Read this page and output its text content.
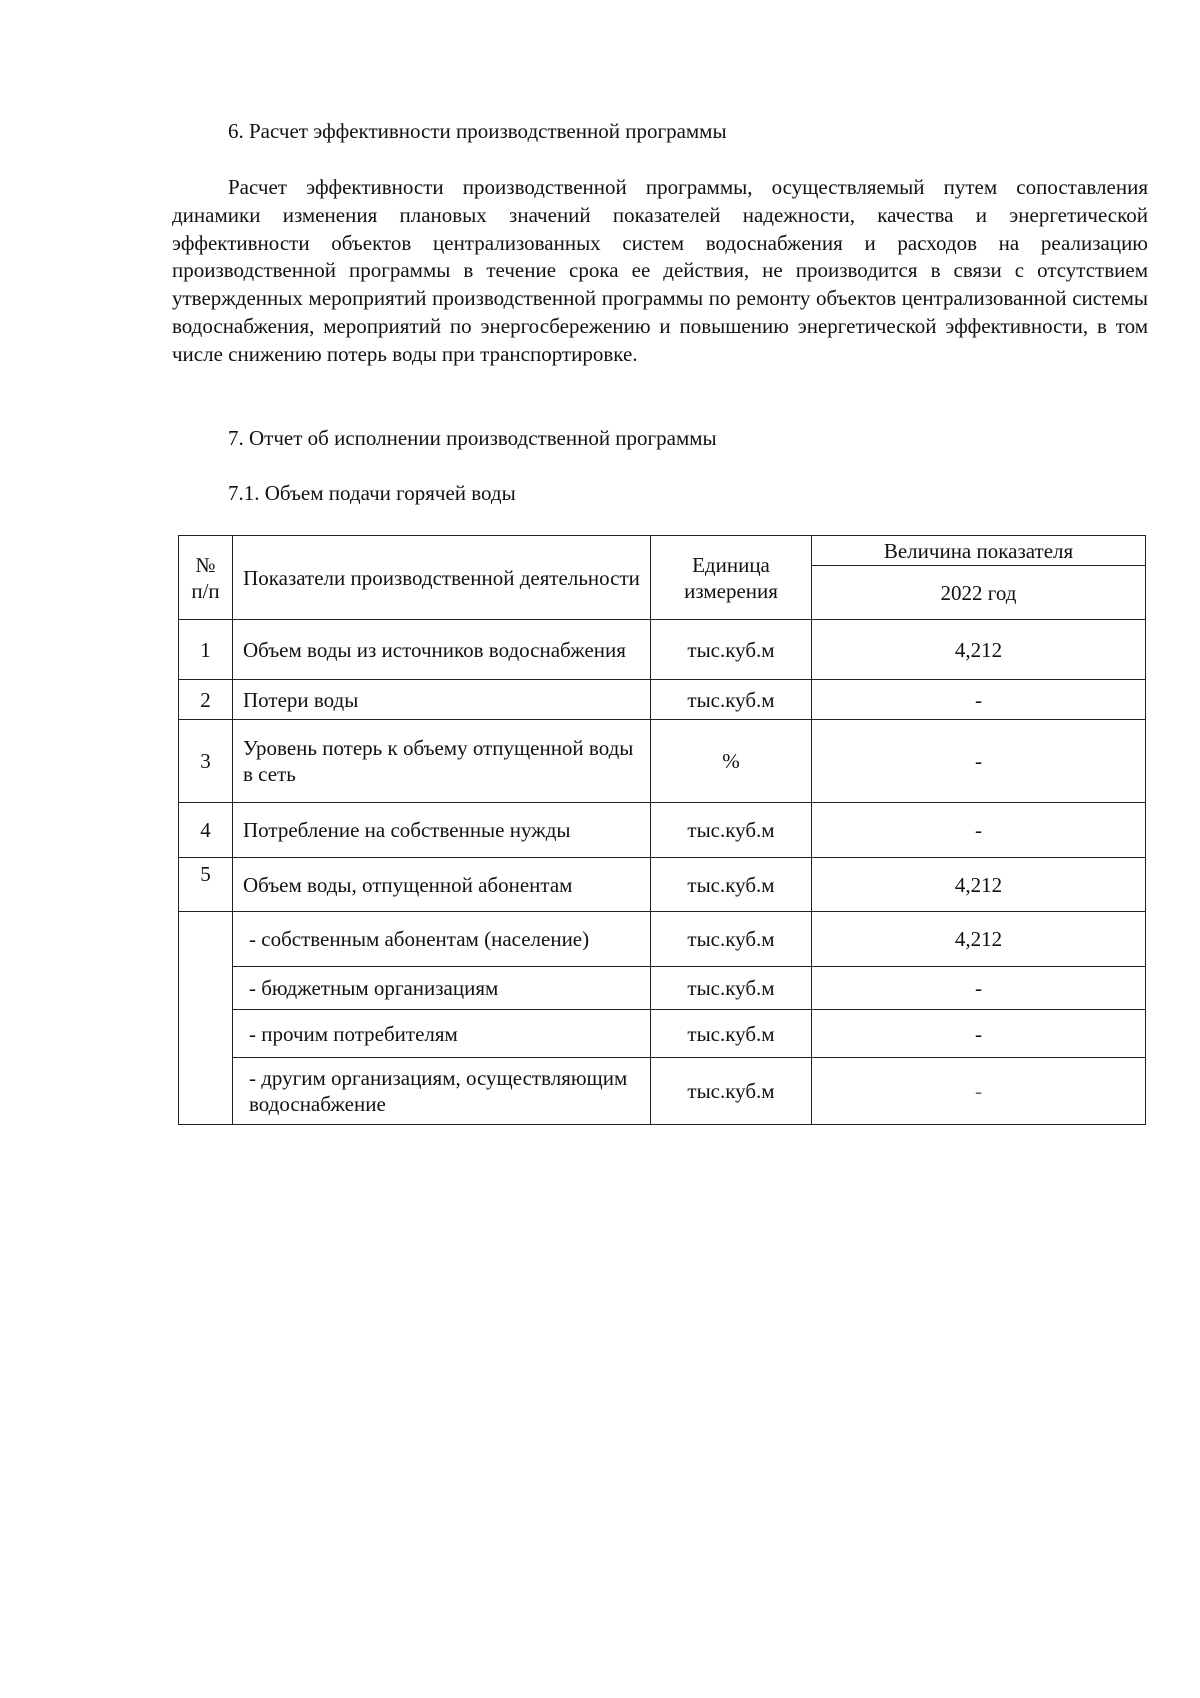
6. Расчет эффективности производственной программы
Расчет эффективности производственной программы, осуществляемый путем сопоставления динамики изменения плановых значений показателей надежности, качества и энергетической эффективности объектов централизованных систем водоснабжения и расходов на реализацию производственной программы в течение срока ее действия, не производится в связи с отсутствием утвержденных мероприятий производственной программы по ремонту объектов централизованной системы водоснабжения, мероприятий по энергосбережению и повышению энергетической эффективности, в том числе снижению потерь воды при транспортировке.
7. Отчет об исполнении производственной программы
7.1. Объем подачи горячей воды
№ п/п	Показатели производственной деятельности	Единица измерения	Величина показателя
			2022 год
1	Объем воды из источников водоснабжения	тыс.куб.м	4,212
2	Потери воды	тыс.куб.м	-
3	Уровень потерь к объему отпущенной воды в сеть	%	-
4	Потребление на собственные нужды	тыс.куб.м	-
5	Объем воды, отпущенной абонентам	тыс.куб.м	4,212
	- собственным абонентам (население)	тыс.куб.м	4,212
	- бюджетным организациям	тыс.куб.м	-
	- прочим потребителям	тыс.куб.м	-
	- другим организациям, осуществляющим водоснабжение	тыс.куб.м	-
